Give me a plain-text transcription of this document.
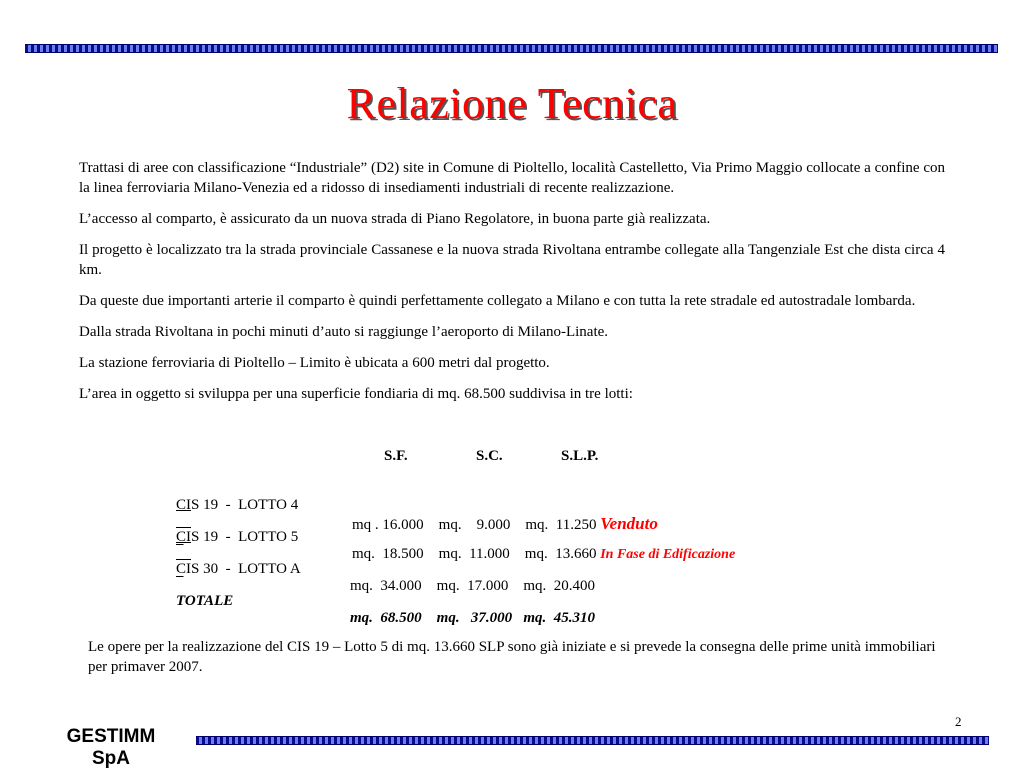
Relazione Tecnica

Trattasi di aree con classificazione “Industriale” (D2) site in Comune di Pioltello, località Castelletto, Via Primo Maggio collocate a confine con la linea ferroviaria Milano-Venezia ed a ridosso di insediamenti industriali di recente realizzazione.

L’accesso al comparto, è assicurato da un nuova strada di Piano Regolatore, in buona parte già realizzata.

Il progetto è localizzato tra la strada provinciale Cassanese e la nuova strada Rivoltana entrambe collegate alla Tangenziale Est che dista circa 4 km.

Da queste due importanti arterie il comparto è quindi perfettamente collegato a Milano e con tutta la rete stradale ed autostradale lombarda.

Dalla strada Rivoltana in pochi minuti d’auto si raggiunge l’aeroporto di Milano-Linate.

La stazione ferroviaria di Pioltello – Limito è ubicata a 600 metri dal progetto.

L’area in oggetto si sviluppa per una superficie fondiaria di mq. 68.500 suddivisa in tre lotti:

S.F.	S.C.	S.L.P.

CIS 19  -  LOTTO 4

mq . 16.000    mq.    9.000    mq.  11.250 Venduto

CIS 19  -  LOTTO 5

mq.  18.500    mq.  11.000    mq.  13.660 In Fase di Edificazione

CIS 30  -  LOTTO A

mq.  34.000    mq.  17.000    mq.  20.400

TOTALE

mq.  68.500    mq.   37.000   mq.  45.310

Le opere per la realizzazione del CIS 19 – Lotto 5 di mq. 13.660 SLP sono già iniziate e si prevede la consegna delle prime unità immobiliari per primaver 2007.
2
GESTIMM SpA
